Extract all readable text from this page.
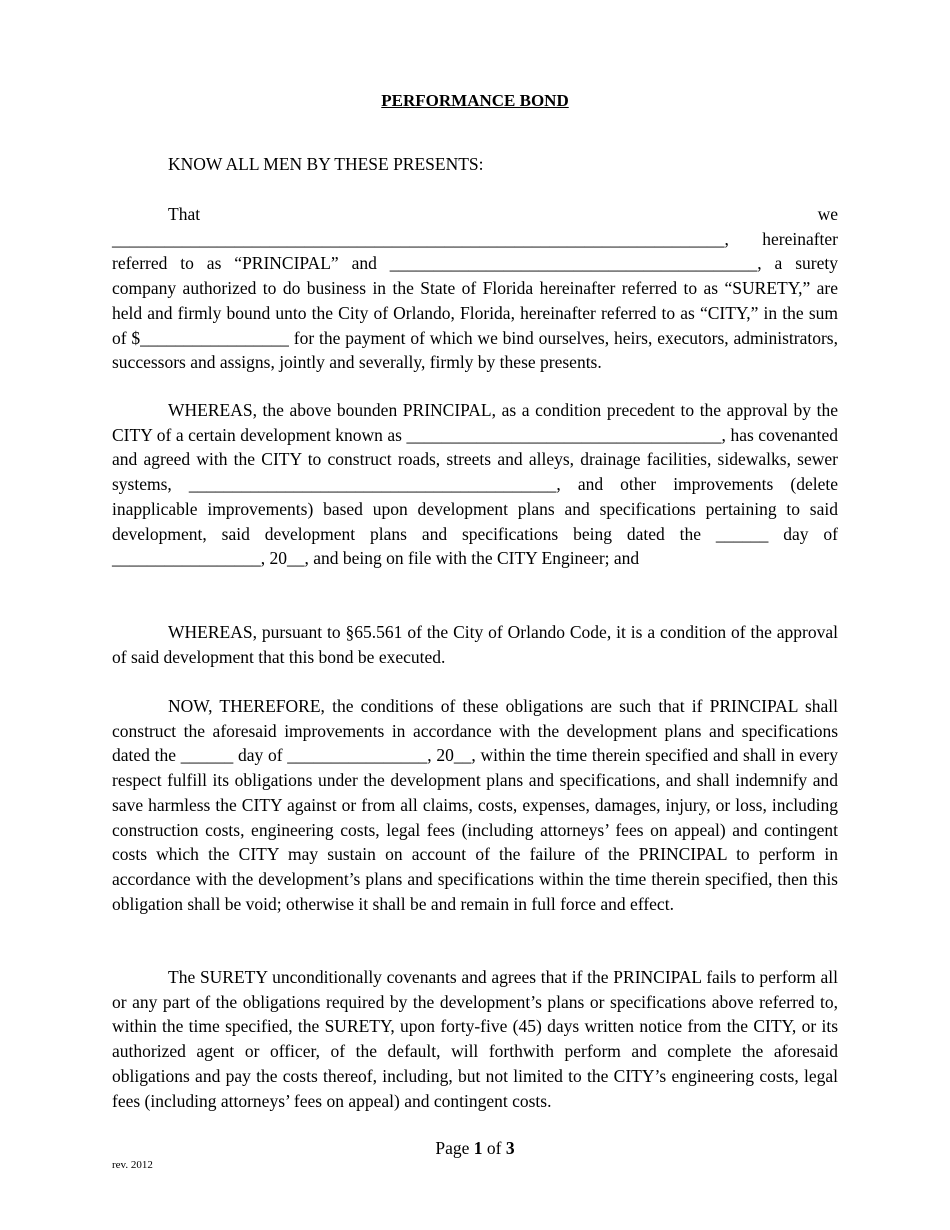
PERFORMANCE BOND

KNOW ALL MEN BY THESE PRESENTS:

That we ______________________________________________________________________, hereinafter referred to as “PRINCIPAL” and __________________________________________, a surety company authorized to do business in the State of Florida hereinafter referred to as “SURETY,” are held and firmly bound unto the City of Orlando, Florida, hereinafter referred to as “CITY,” in the sum of $_________________ for the payment of which we bind ourselves, heirs, executors, administrators, successors and assigns, jointly and severally, firmly by these presents.

WHEREAS, the above bounden PRINCIPAL, as a condition precedent to the approval by the CITY of a certain development known as ____________________________________, has covenanted and agreed with the CITY to construct roads, streets and alleys, drainage facilities, sidewalks, sewer systems, __________________________________________, and other improvements (delete inapplicable improvements) based upon development plans and specifications pertaining to said development, said development plans and specifications being dated the ______ day of _________________, 20__, and being on file with the CITY Engineer; and

WHEREAS, pursuant to §65.561 of the City of Orlando Code, it is a condition of the approval of said development that this bond be executed.

NOW, THEREFORE, the conditions of these obligations are such that if PRINCIPAL shall construct the aforesaid improvements in accordance with the development plans and specifications dated the ______ day of ________________, 20__, within the time therein specified and shall in every respect fulfill its obligations under the development plans and specifications, and shall indemnify and save harmless the CITY against or from all claims, costs, expenses, damages, injury, or loss, including construction costs, engineering costs, legal fees (including attorneys’ fees on appeal) and contingent costs which the CITY may sustain on account of the failure of the PRINCIPAL to perform in accordance with the development’s plans and specifications within the time therein specified, then this obligation shall be void; otherwise it shall be and remain in full force and effect.

The SURETY unconditionally covenants and agrees that if the PRINCIPAL fails to perform all or any part of the obligations required by the development’s plans or specifications above referred to, within the time specified, the SURETY, upon forty-five (45) days written notice from the CITY, or its authorized agent or officer, of the default, will forthwith perform and complete the aforesaid obligations and pay the costs thereof, including, but not limited to the CITY’s engineering costs, legal fees (including attorneys’ fees on appeal) and contingent costs.

Page 1 of 3

rev. 2012
